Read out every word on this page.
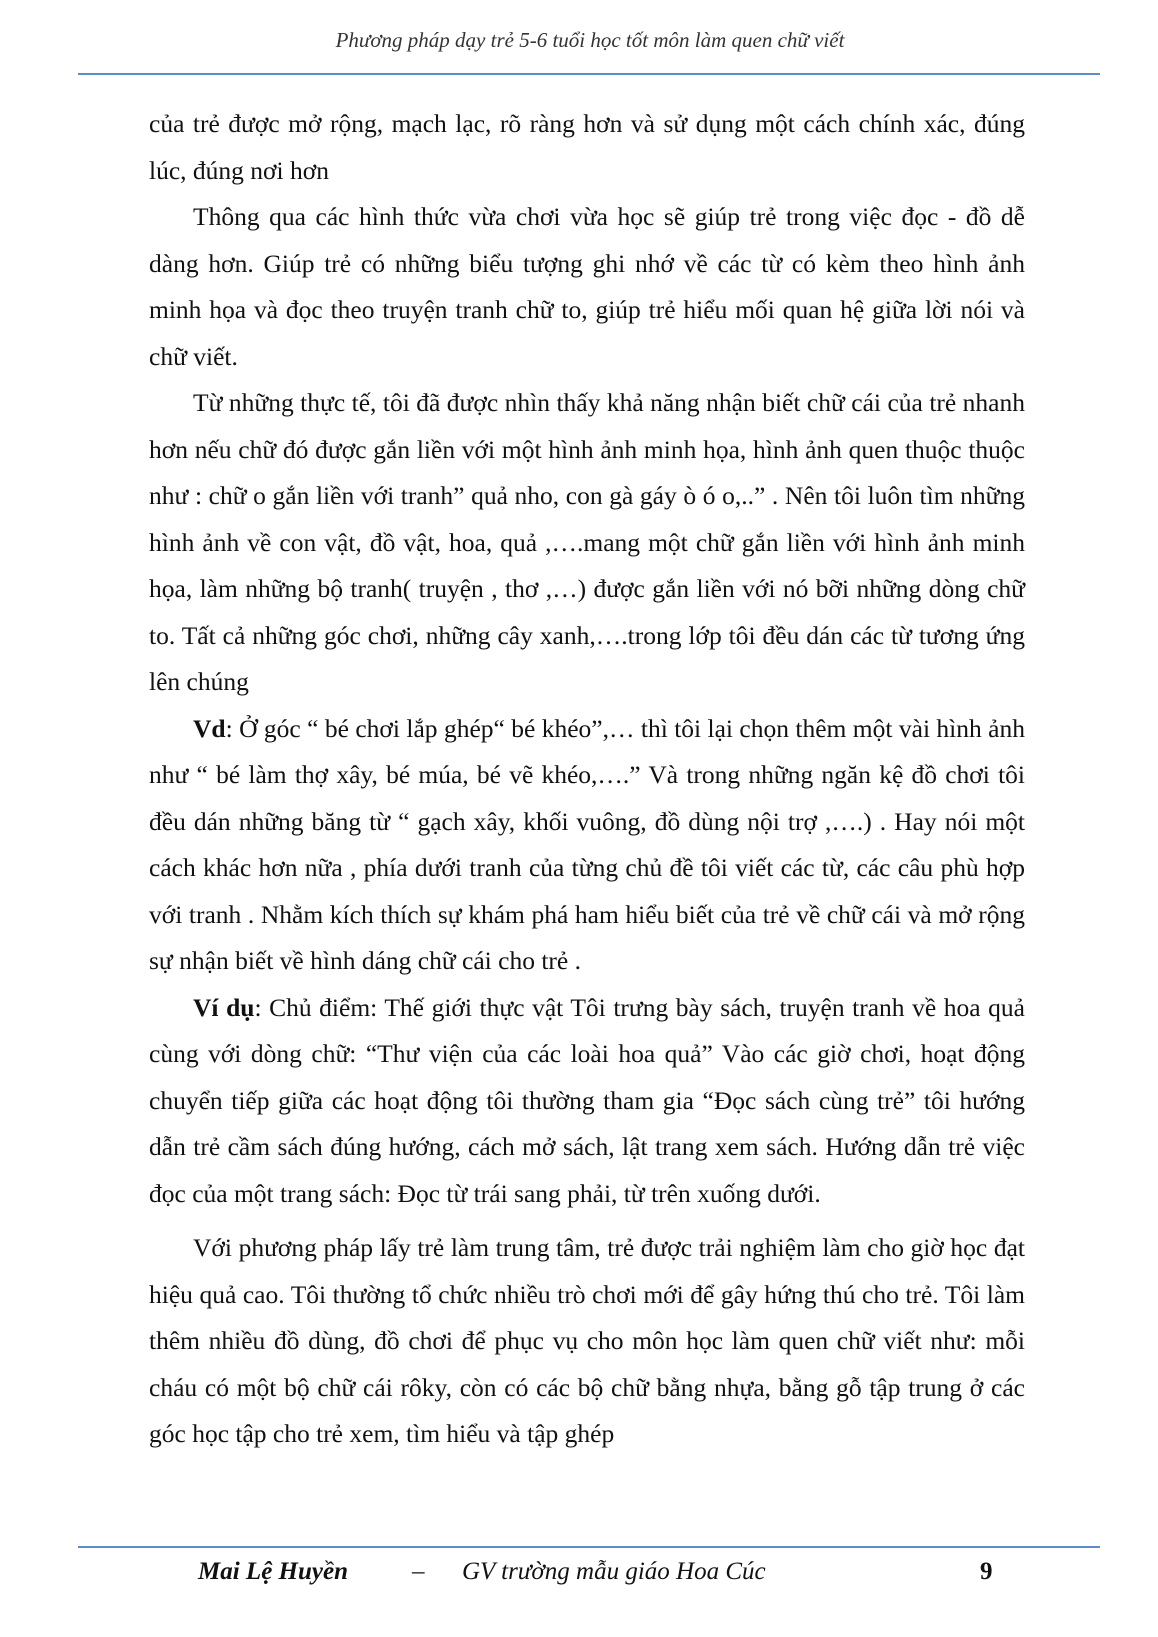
Phương pháp dạy trẻ 5-6 tuổi học tốt môn làm quen chữ viết

của trẻ được mở rộng, mạch lạc, rõ ràng hơn và sử dụng một cách chính xác, đúng lúc, đúng nơi hơn

Thông qua các hình thức vừa chơi vừa học sẽ giúp trẻ trong việc đọc - đồ dễ dàng hơn. Giúp trẻ có những biểu tượng ghi nhớ về các từ có kèm theo hình ảnh minh họa và đọc theo truyện tranh chữ to, giúp trẻ hiểu mối quan hệ giữa lời nói và chữ viết.

Từ những thực tế, tôi đã được nhìn thấy khả năng nhận biết chữ cái của trẻ nhanh hơn nếu chữ đó được gắn liền với một hình ảnh minh họa, hình ảnh quen thuộc thuộc như : chữ o gắn liền với tranh” quả nho, con gà gáy ò ó o,..” . Nên tôi luôn tìm những hình ảnh về con vật, đồ vật, hoa, quả ,….mang một chữ gắn liền với hình ảnh minh họa, làm những bộ tranh( truyện , thơ ,…) được gắn liền với nó bỡi những dòng chữ to. Tất cả những góc chơi, những cây xanh,….trong lớp tôi đều dán các từ tương ứng lên chúng

Vd: Ở góc “ bé chơi lắp ghép“ bé khéo”,… thì tôi lại chọn thêm một vài hình ảnh như “ bé làm thợ xây, bé múa, bé vẽ khéo,….” Và trong những ngăn kệ đồ chơi tôi đều dán những băng từ “ gạch xây, khối vuông, đồ dùng nội trợ ,….) . Hay nói một cách khác hơn nữa , phía dưới tranh của từng chủ đề tôi viết các từ, các câu phù hợp với tranh . Nhằm kích thích sự khám phá ham hiểu biết của trẻ về chữ cái và mở rộng sự nhận biết về hình dáng chữ cái cho trẻ .

Ví dụ: Chủ điểm: Thế giới thực vật Tôi trưng bày sách, truyện tranh về hoa quả cùng với dòng chữ: “Thư viện của các loài hoa quả” Vào các giờ chơi, hoạt động chuyển tiếp giữa các hoạt động tôi thường tham gia “Đọc sách cùng trẻ” tôi hướng dẫn trẻ cầm sách đúng hướng, cách mở sách, lật trang xem sách. Hướng dẫn trẻ việc đọc của một trang sách: Đọc từ trái sang phải, từ trên xuống dưới.

Với phương pháp lấy trẻ làm trung tâm, trẻ được trải nghiệm làm cho giờ học đạt hiệu quả cao. Tôi thường tổ chức nhiều trò chơi mới để gây hứng thú cho trẻ. Tôi làm thêm nhiều đồ dùng, đồ chơi để phục vụ cho môn học làm quen chữ viết như: mỗi cháu có một bộ chữ cái rôky, còn có các bộ chữ bằng nhựa, bằng gỗ tập trung ở các góc học tập cho trẻ xem, tìm hiểu và tập ghép

Mai Lệ Huyền	– GV trường mẫu giáo Hoa Cúc	9
